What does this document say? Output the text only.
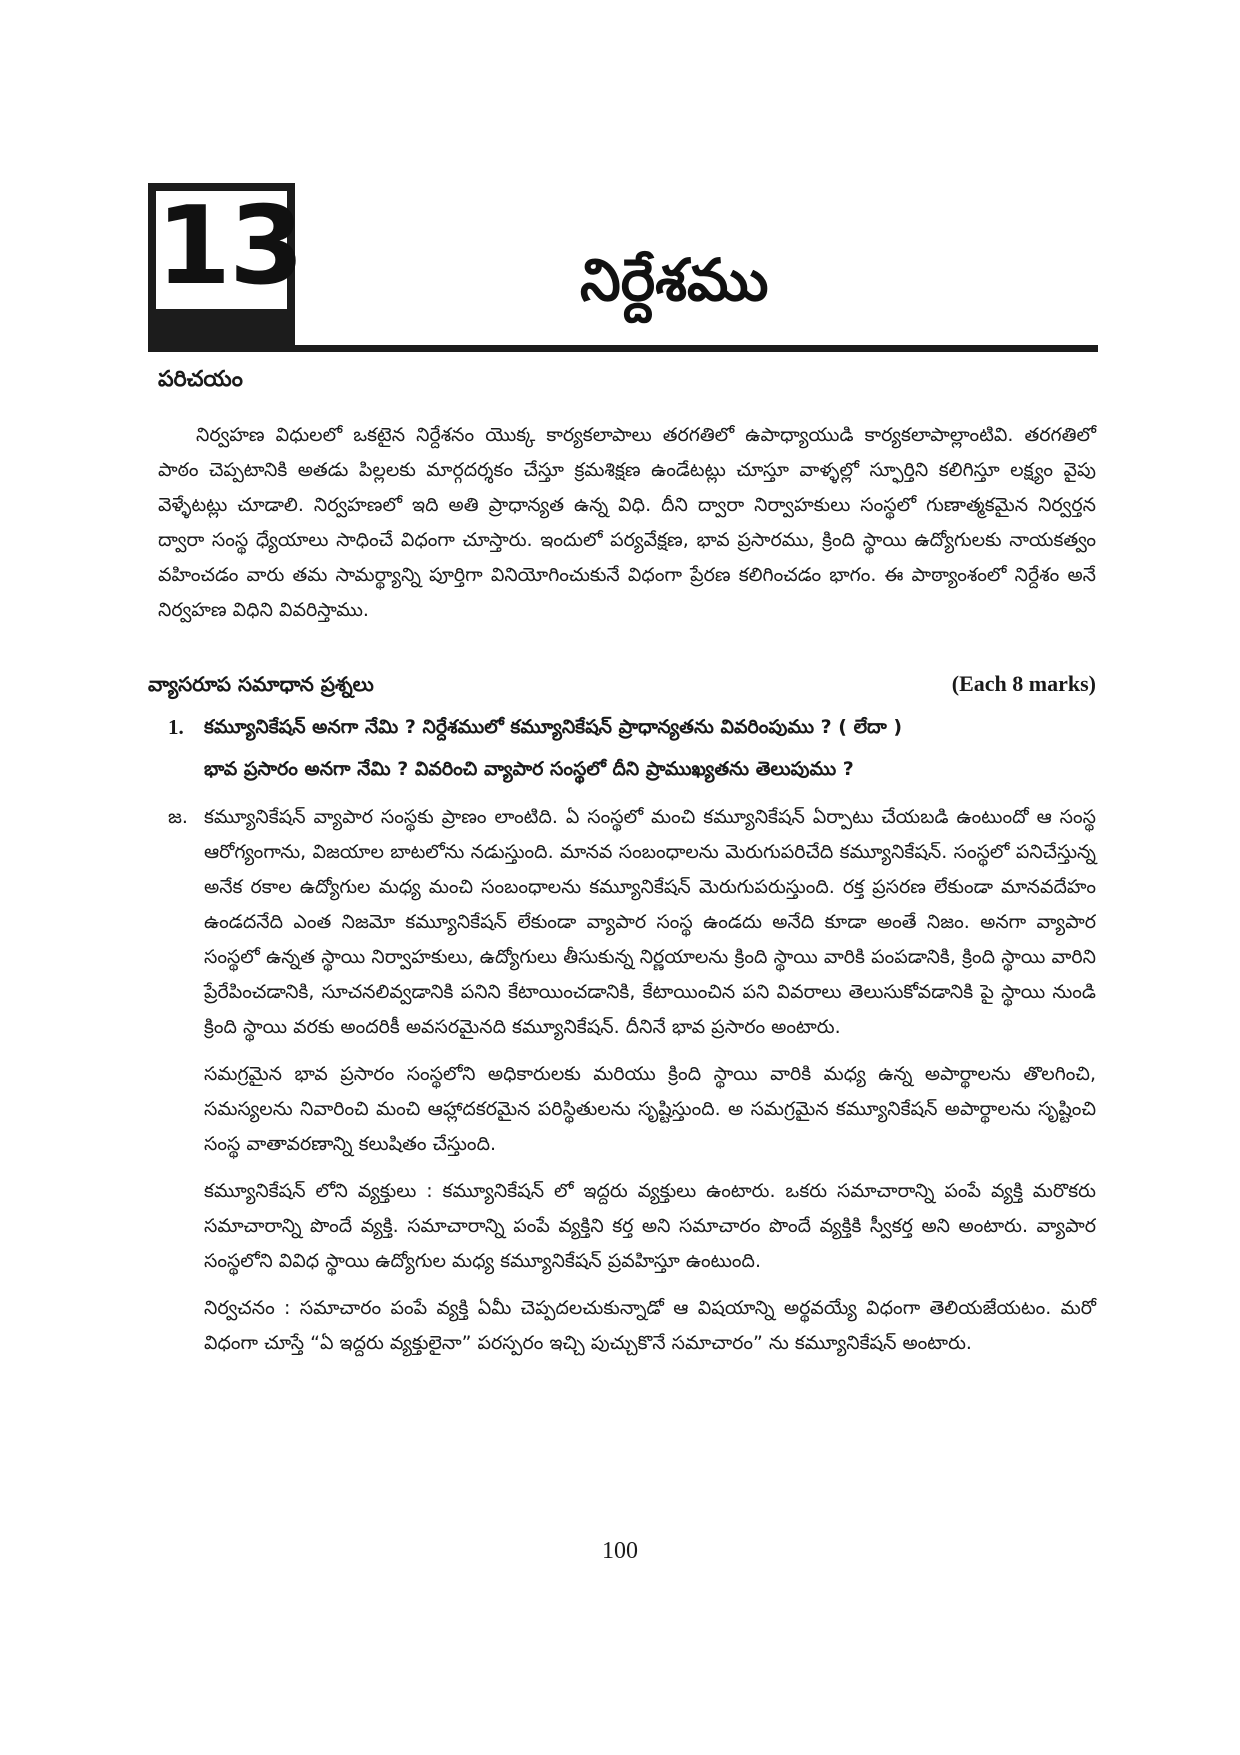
13	నిర్దేశము
పరిచయం

నిర్వహణ విధులలో ఒకటైన నిర్దేశనం యొక్క కార్యకలాపాలు తరగతిలో ఉపాధ్యాయుడి కార్యకలాపాల్లాంటివి. తరగతిలో పాఠం చెప్పటానికి అతడు పిల్లలకు మార్గదర్శకం చేస్తూ క్రమశిక్షణ ఉండేటట్లు చూస్తూ వాళ్ళల్లో స్ఫూర్తిని కలిగిస్తూ లక్ష్యం వైపు వెళ్ళేటట్లు చూడాలి. నిర్వహణలో ఇది అతి ప్రాధాన్యత ఉన్న విధి. దీని ద్వారా నిర్వాహకులు సంస్థలో గుణాత్మకమైన నిర్వర్తన ద్వారా సంస్థ ధ్యేయాలు సాధించే విధంగా చూస్తారు. ఇందులో పర్యవేక్షణ, భావ ప్రసారము, క్రింది స్థాయి ఉద్యోగులకు నాయకత్వం వహించడం వారు తమ సామర్థ్యాన్ని పూర్తిగా వినియోగించుకునే విధంగా ప్రేరణ కలిగించడం భాగం. ఈ పాఠ్యాంశంలో నిర్దేశం అనే నిర్వహణ విధిని వివరిస్తాము.

వ్యాసరూప సమాధాన ప్రశ్నలు	(Each 8 marks)
1. కమ్యూనికేషన్ అనగా నేమి ? నిర్దేశములో కమ్యూనికేషన్ ప్రాధాన్యతను వివరింపుము ? ( లేదా )
భావ ప్రసారం అనగా నేమి ? వివరించి వ్యాపార సంస్థలో దీని ప్రాముఖ్యతను తెలుపుము ?
జ. కమ్యూనికేషన్ వ్యాపార సంస్థకు ప్రాణం లాంటిది. ఏ సంస్థలో మంచి కమ్యూనికేషన్ ఏర్పాటు చేయబడి ఉంటుందో ఆ సంస్థ ఆరోగ్యంగాను, విజయాల బాటలోను నడుస్తుంది. మానవ సంబంధాలను మెరుగుపరిచేది కమ్యూనికేషన్. సంస్థలో పనిచేస్తున్న అనేక రకాల ఉద్యోగుల మధ్య మంచి సంబంధాలను కమ్యూనికేషన్ మెరుగుపరుస్తుంది. రక్త ప్రసరణ లేకుండా మానవదేహం ఉండదనేది ఎంత నిజమో కమ్యూనికేషన్ లేకుండా వ్యాపార సంస్థ ఉండదు అనేది కూడా అంతే నిజం. అనగా వ్యాపార సంస్థలో ఉన్నత స్థాయి నిర్వాహకులు, ఉద్యోగులు తీసుకున్న నిర్ణయాలను క్రింది స్థాయి వారికి పంపడానికి, క్రింది స్థాయి వారిని ప్రేరేపించడానికి, సూచనలివ్వడానికి పనిని కేటాయించడానికి, కేటాయించిన పని వివరాలు తెలుసుకోవడానికి పై స్థాయి నుండి క్రింది స్థాయి వరకు అందరికీ అవసరమైనది కమ్యూనికేషన్. దీనినే భావ ప్రసారం అంటారు.

సమగ్రమైన భావ ప్రసారం సంస్థలోని అధికారులకు మరియు క్రింది స్థాయి వారికి మధ్య ఉన్న అపార్థాలను తొలగించి, సమస్యలను నివారించి మంచి ఆహ్లాదకరమైన పరిస్థితులను సృష్టిస్తుంది. అ సమగ్రమైన కమ్యూనికేషన్ అపార్థాలను సృష్టించి సంస్థ వాతావరణాన్ని కలుషితం చేస్తుంది.

కమ్యూనికేషన్ లోని వ్యక్తులు : కమ్యూనికేషన్ లో ఇద్దరు వ్యక్తులు ఉంటారు. ఒకరు సమాచారాన్ని పంపే వ్యక్తి మరొకరు సమాచారాన్ని పొందే వ్యక్తి. సమాచారాన్ని పంపే వ్యక్తిని కర్త అని సమాచారం పొందే వ్యక్తికి స్వీకర్త అని అంటారు. వ్యాపార సంస్థలోని వివిధ స్థాయి ఉద్యోగుల మధ్య కమ్యూనికేషన్ ప్రవహిస్తూ ఉంటుంది.

నిర్వచనం : సమాచారం పంపే వ్యక్తి ఏమీ చెప్పదలచుకున్నాడో ఆ విషయాన్ని అర్థవయ్యే విధంగా తెలియజేయటం. మరో విధంగా చూస్తే “ఏ ఇద్దరు వ్యక్తులైనా” పరస్పరం ఇచ్చి పుచ్చుకొనే సమాచారం” ను కమ్యూనికేషన్ అంటారు.

100
